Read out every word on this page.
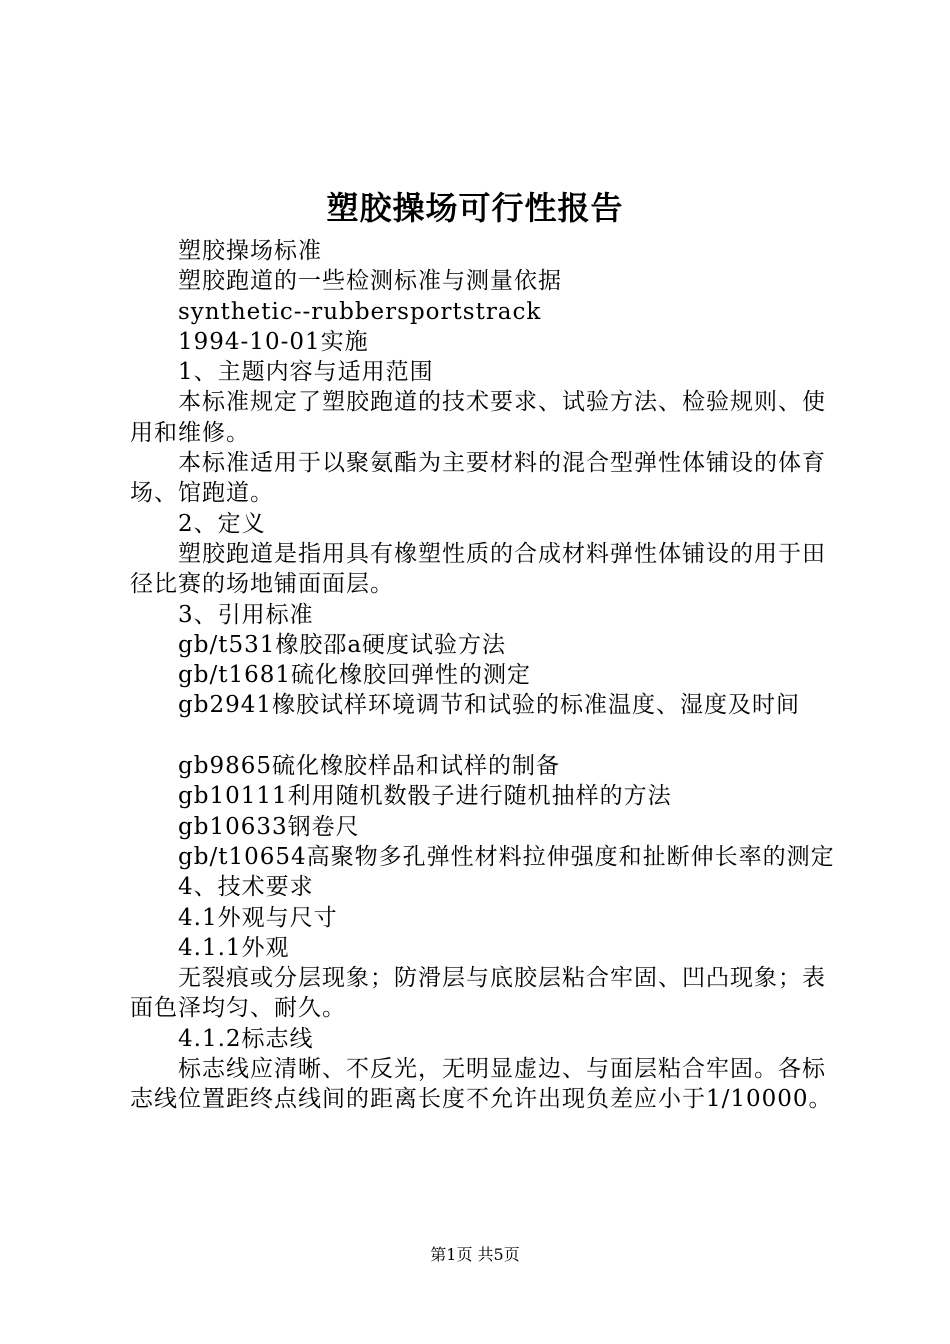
塑胶操场可行性报告

塑胶操场标准

塑胶跑道的一些检测标准与测量依据

synthetic--rubbersportstrack

1994-10-01实施

1、主题内容与适用范围

本标准规定了塑胶跑道的技术要求、试验方法、检验规则、使用和维修。

本标准适用于以聚氨酯为主要材料的混合型弹性体铺设的体育场、馆跑道。

2、定义

塑胶跑道是指用具有橡塑性质的合成材料弹性体铺设的用于田径比赛的场地铺面面层。

3、引用标准

gb/t531橡胶邵a硬度试验方法

gb/t1681硫化橡胶回弹性的测定

gb2941橡胶试样环境调节和试验的标准温度、湿度及时间

gb9865硫化橡胶样品和试样的制备

gb10111利用随机数骰子进行随机抽样的方法

gb10633钢卷尺

gb/t10654高聚物多孔弹性材料拉伸强度和扯断伸长率的测定

4、技术要求

4.1外观与尺寸

4.1.1外观

无裂痕或分层现象；防滑层与底胶层粘合牢固、凹凸现象；表面色泽均匀、耐久。

4.1.2标志线

标志线应清晰、不反光，无明显虚边、与面层粘合牢固。各标志线位置距终点线间的距离长度不允许出现负差应小于1/10000。

第1页 共5页
